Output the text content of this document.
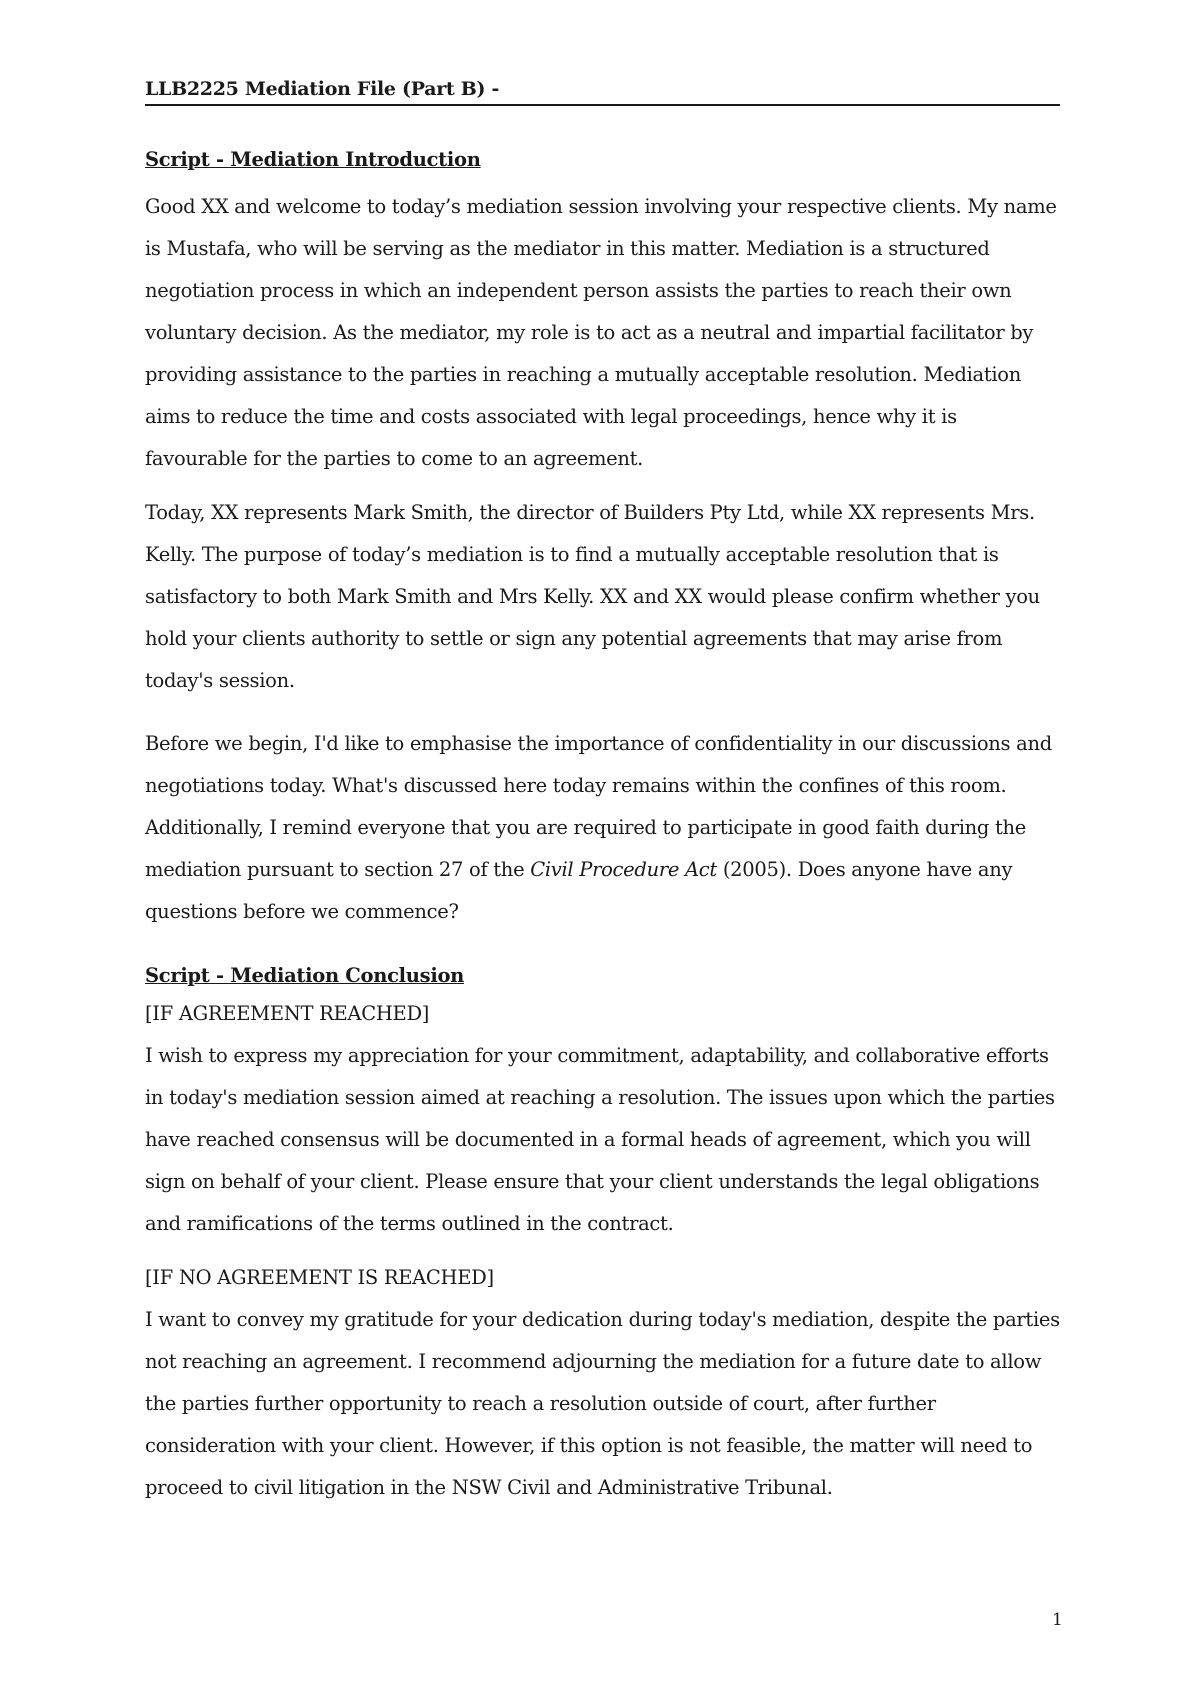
LLB2225 Mediation File (Part B) -
Script - Mediation Introduction

Good XX and welcome to today’s mediation session involving your respective clients. My name is Mustafa, who will be serving as the mediator in this matter. Mediation is a structured negotiation process in which an independent person assists the parties to reach their own voluntary decision. As the mediator, my role is to act as a neutral and impartial facilitator by providing assistance to the parties in reaching a mutually acceptable resolution. Mediation aims to reduce the time and costs associated with legal proceedings, hence why it is favourable for the parties to come to an agreement.

Today, XX represents Mark Smith, the director of Builders Pty Ltd, while XX represents Mrs. Kelly. The purpose of today’s mediation is to find a mutually acceptable resolution that is satisfactory to both Mark Smith and Mrs Kelly. XX and XX would please confirm whether you hold your clients authority to settle or sign any potential agreements that may arise from today's session.

Before we begin, I'd like to emphasise the importance of confidentiality in our discussions and negotiations today. What's discussed here today remains within the confines of this room. Additionally, I remind everyone that you are required to participate in good faith during the mediation pursuant to section 27 of the Civil Procedure Act (2005). Does anyone have any questions before we commence?

Script - Mediation Conclusion

[IF AGREEMENT REACHED]

I wish to express my appreciation for your commitment, adaptability, and collaborative efforts in today's mediation session aimed at reaching a resolution. The issues upon which the parties have reached consensus will be documented in a formal heads of agreement, which you will sign on behalf of your client. Please ensure that your client understands the legal obligations and ramifications of the terms outlined in the contract.

[IF NO AGREEMENT IS REACHED]

I want to convey my gratitude for your dedication during today's mediation, despite the parties not reaching an agreement. I recommend adjourning the mediation for a future date to allow the parties further opportunity to reach a resolution outside of court, after further consideration with your client. However, if this option is not feasible, the matter will need to proceed to civil litigation in the NSW Civil and Administrative Tribunal.

1
